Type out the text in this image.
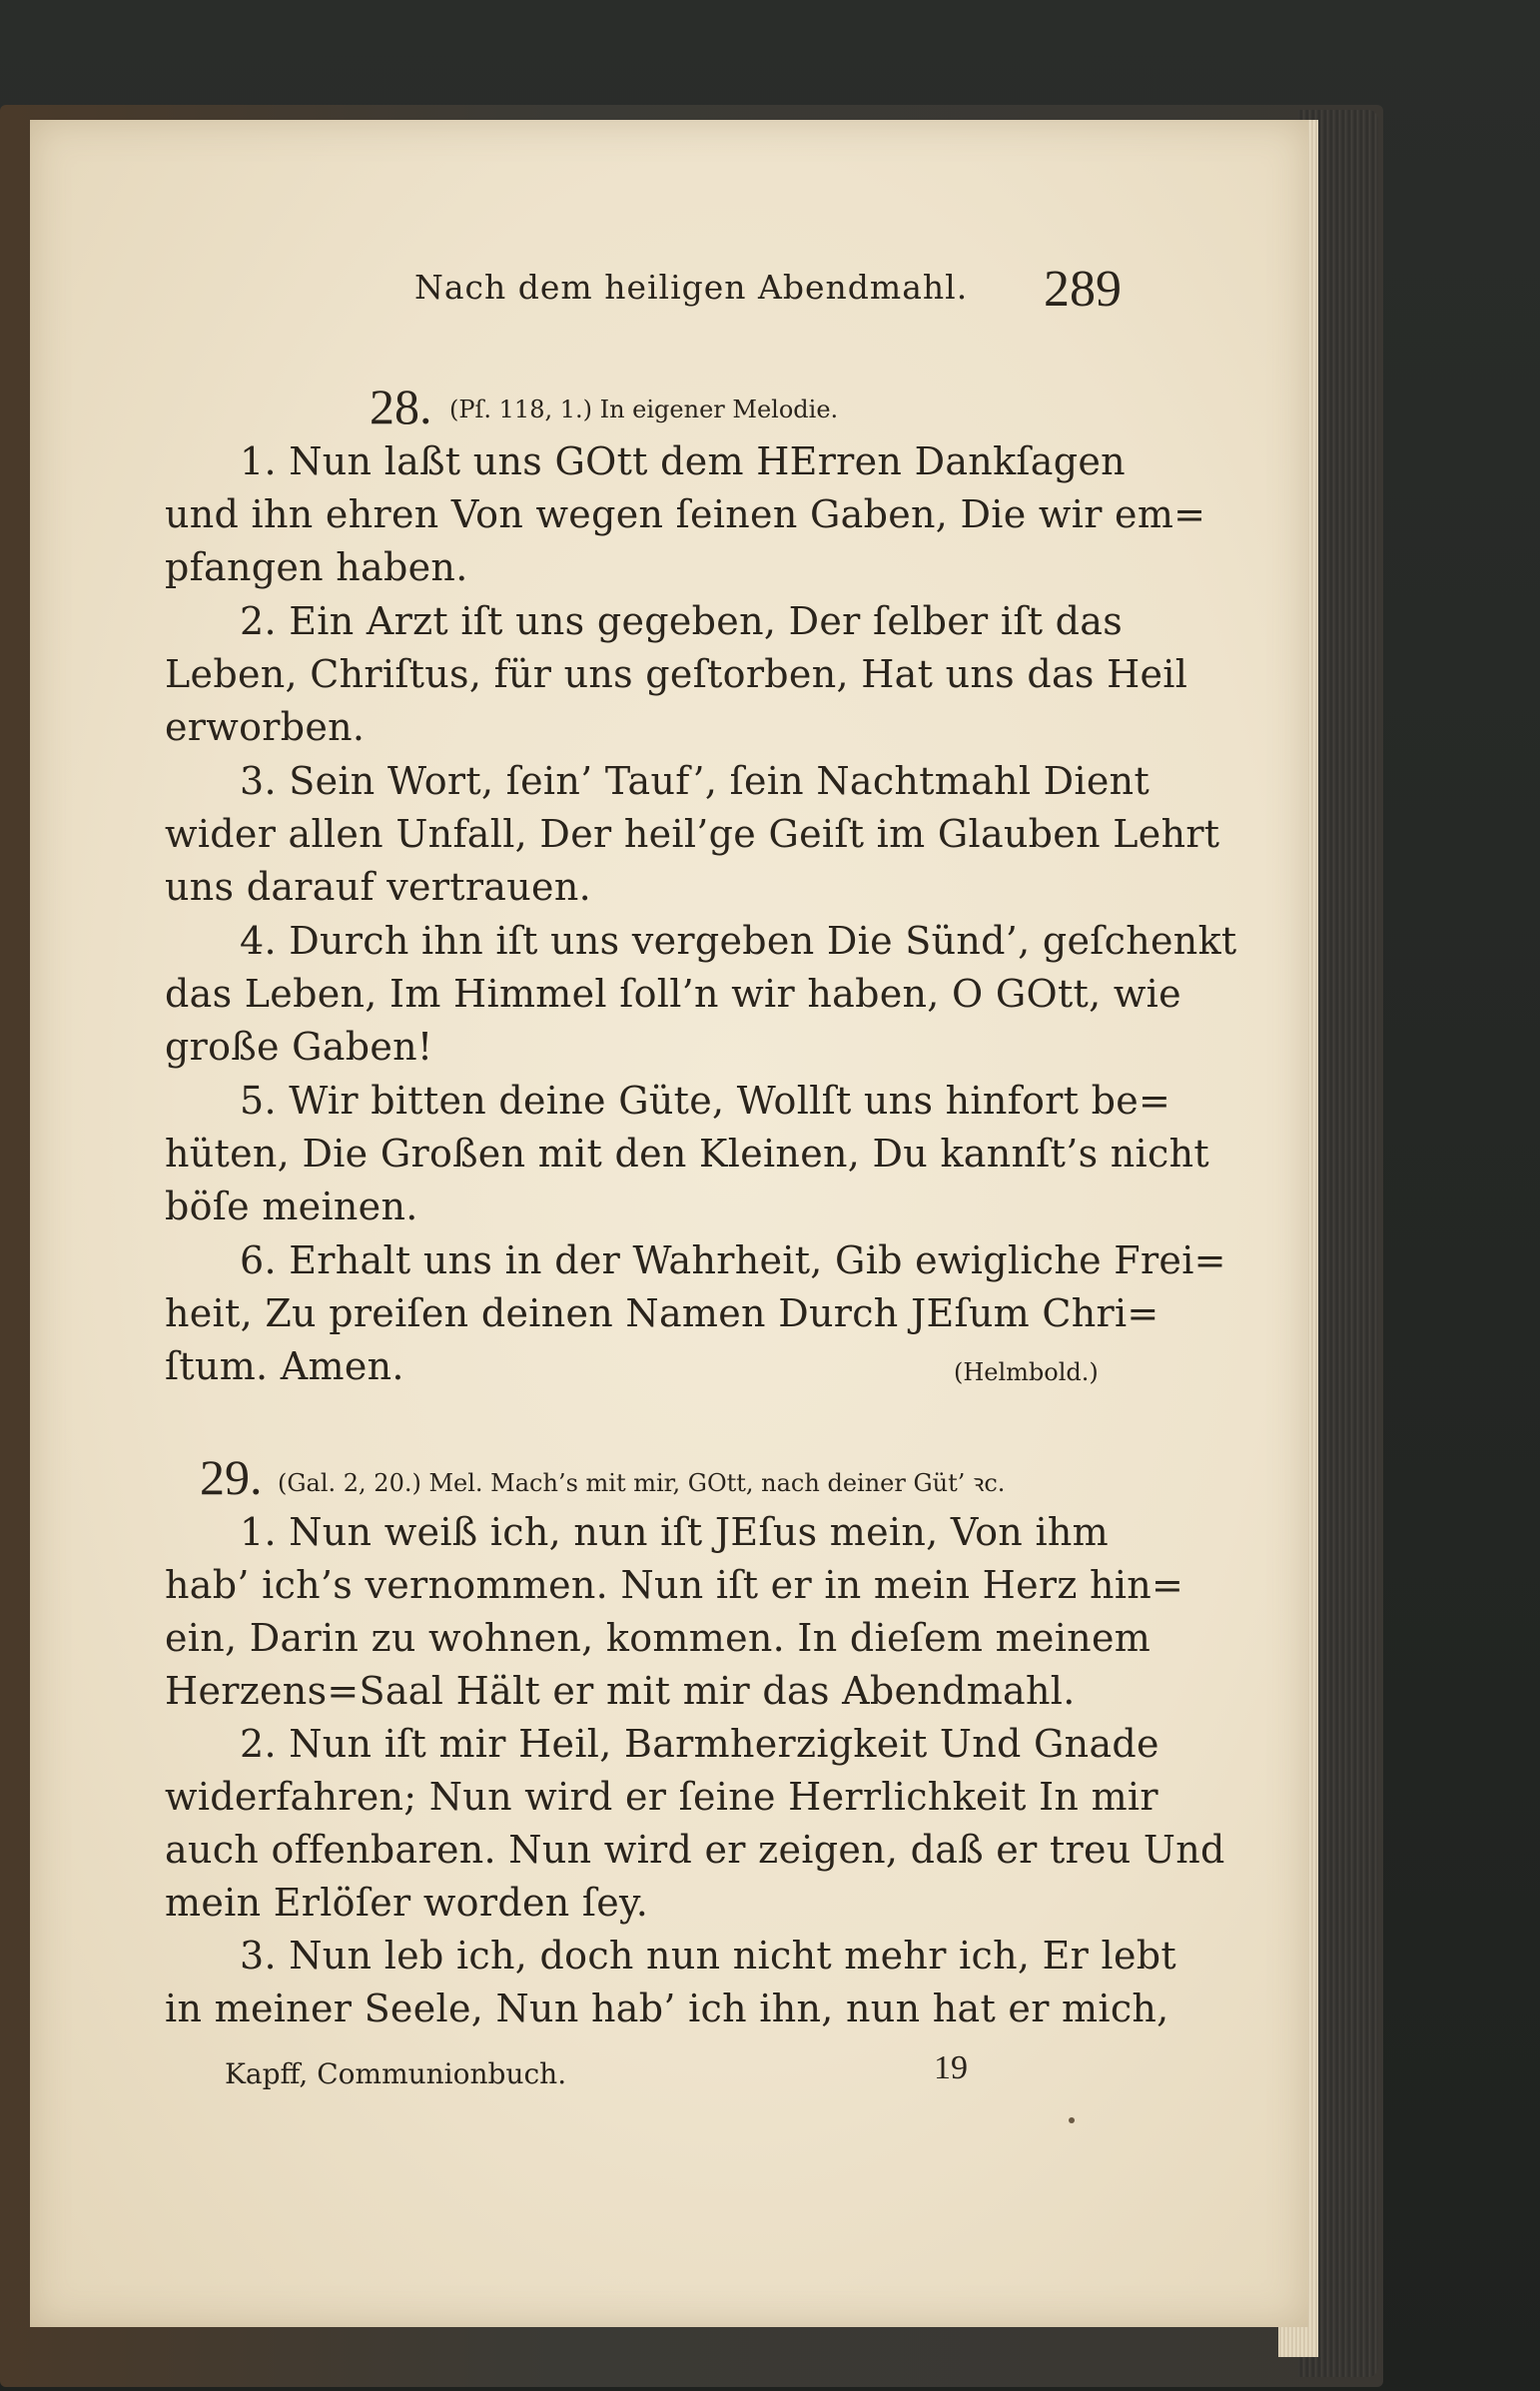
Nach dem heiligen Abendmahl. 289
28. (Pſ. 118, 1.) In eigener Melodie.
1. Nun laßt uns GOtt dem HErren Dankſagen
und ihn ehren Von wegen ſeinen Gaben, Die wir em=
pfangen haben.
2. Ein Arzt iſt uns gegeben, Der ſelber iſt das
Leben, Chriſtus, für uns geſtorben, Hat uns das Heil
erworben.
3. Sein Wort, ſein’ Tauf’, ſein Nachtmahl Dient
wider allen Unfall, Der heil’ge Geiſt im Glauben Lehrt
uns darauf vertrauen.
4. Durch ihn iſt uns vergeben Die Sünd’, geſchenkt
das Leben, Im Himmel ſoll’n wir haben, O GOtt, wie
große Gaben!
5. Wir bitten deine Güte, Wollſt uns hinfort be=
hüten, Die Großen mit den Kleinen, Du kannſt’s nicht
böſe meinen.
6. Erhalt uns in der Wahrheit, Gib ewigliche Frei=
heit, Zu preiſen deinen Namen Durch JEſum Chri=
ſtum. Amen.	(Helmbold.)
29. (Gal. 2, 20.) Mel. Mach’s mit mir, GOtt, nach deiner Güt’ ꝛc.
1. Nun weiß ich, nun iſt JEſus mein, Von ihm
hab’ ich’s vernommen. Nun iſt er in mein Herz hin=
ein, Darin zu wohnen, kommen. In dieſem meinem
Herzens=Saal Hält er mit mir das Abendmahl.
2. Nun iſt mir Heil, Barmherzigkeit Und Gnade
widerfahren; Nun wird er ſeine Herrlichkeit In mir
auch offenbaren. Nun wird er zeigen, daß er treu Und
mein Erlöſer worden ſey.
3. Nun leb ich, doch nun nicht mehr ich, Er lebt
in meiner Seele, Nun hab’ ich ihn, nun hat er mich,
Kapff, Communionbuch.	19
